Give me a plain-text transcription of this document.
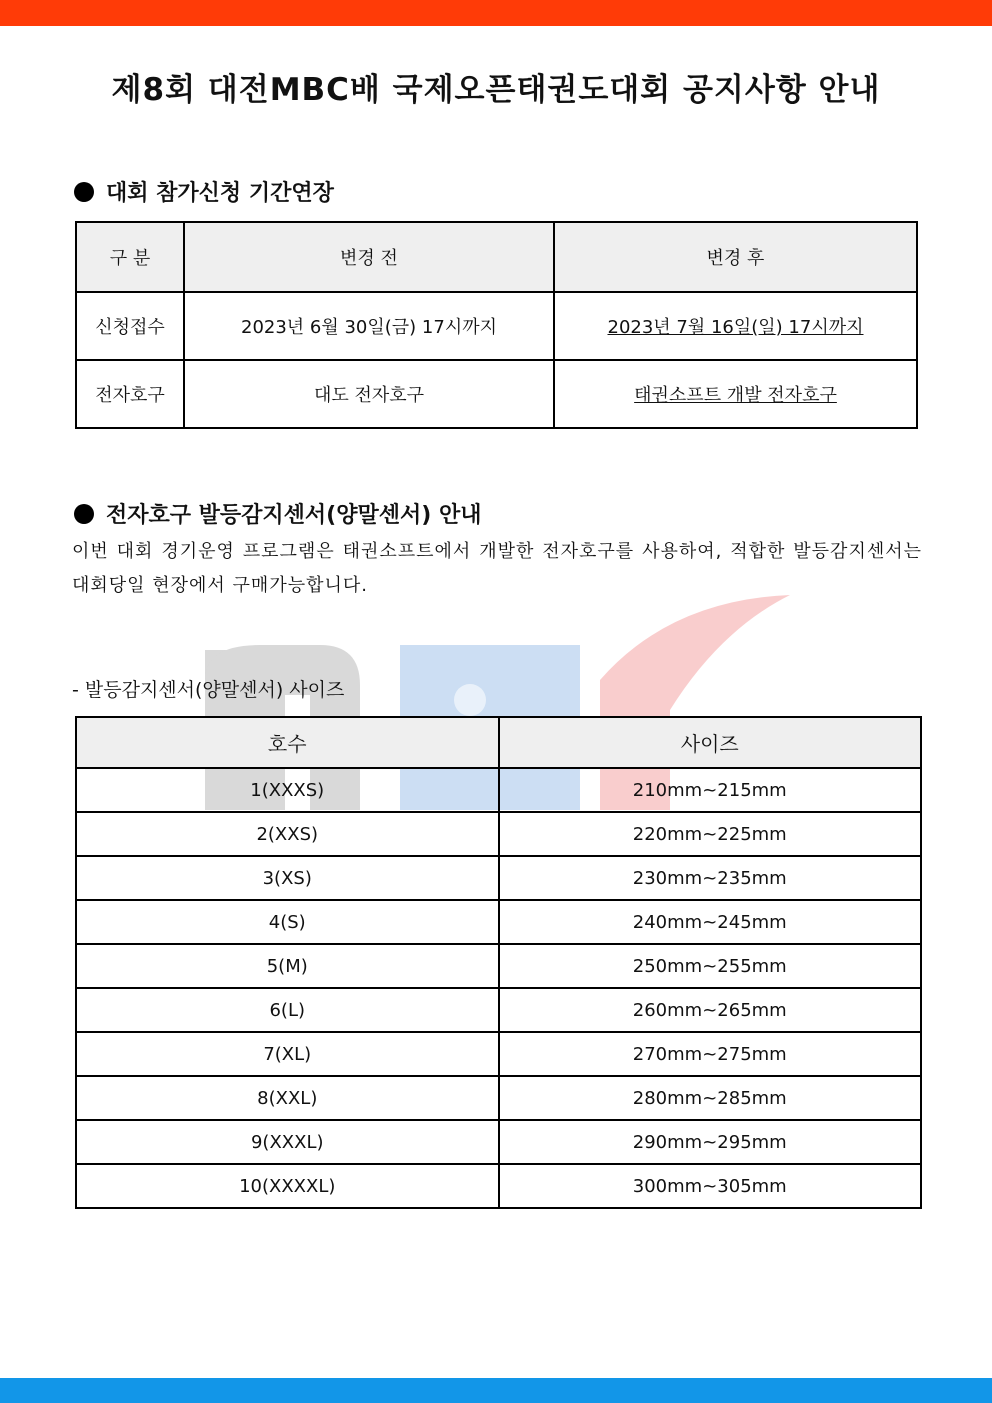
제8회 대전MBC배 국제오픈태권도대회 공지사항 안내
대회 참가신청 기간연장
구 분	변경 전	변경 후
신청접수	2023년 6월 30일(금) 17시까지	2023년 7월 16일(일) 17시까지
전자호구	대도 전자호구	태권소프트 개발 전자호구
전자호구 발등감지센서(양말센서) 안내
이번 대회 경기운영 프로그램은 태권소프트에서 개발한 전자호구를 사용하여, 적합한 발등감지센서는 대회당일 현장에서 구매가능합니다.
- 발등감지센서(양말센서) 사이즈
호수	사이즈
1(XXXS)	210mm~215mm
2(XXS)	220mm~225mm
3(XS)	230mm~235mm
4(S)	240mm~245mm
5(M)	250mm~255mm
6(L)	260mm~265mm
7(XL)	270mm~275mm
8(XXL)	280mm~285mm
9(XXXL)	290mm~295mm
10(XXXXL)	300mm~305mm
